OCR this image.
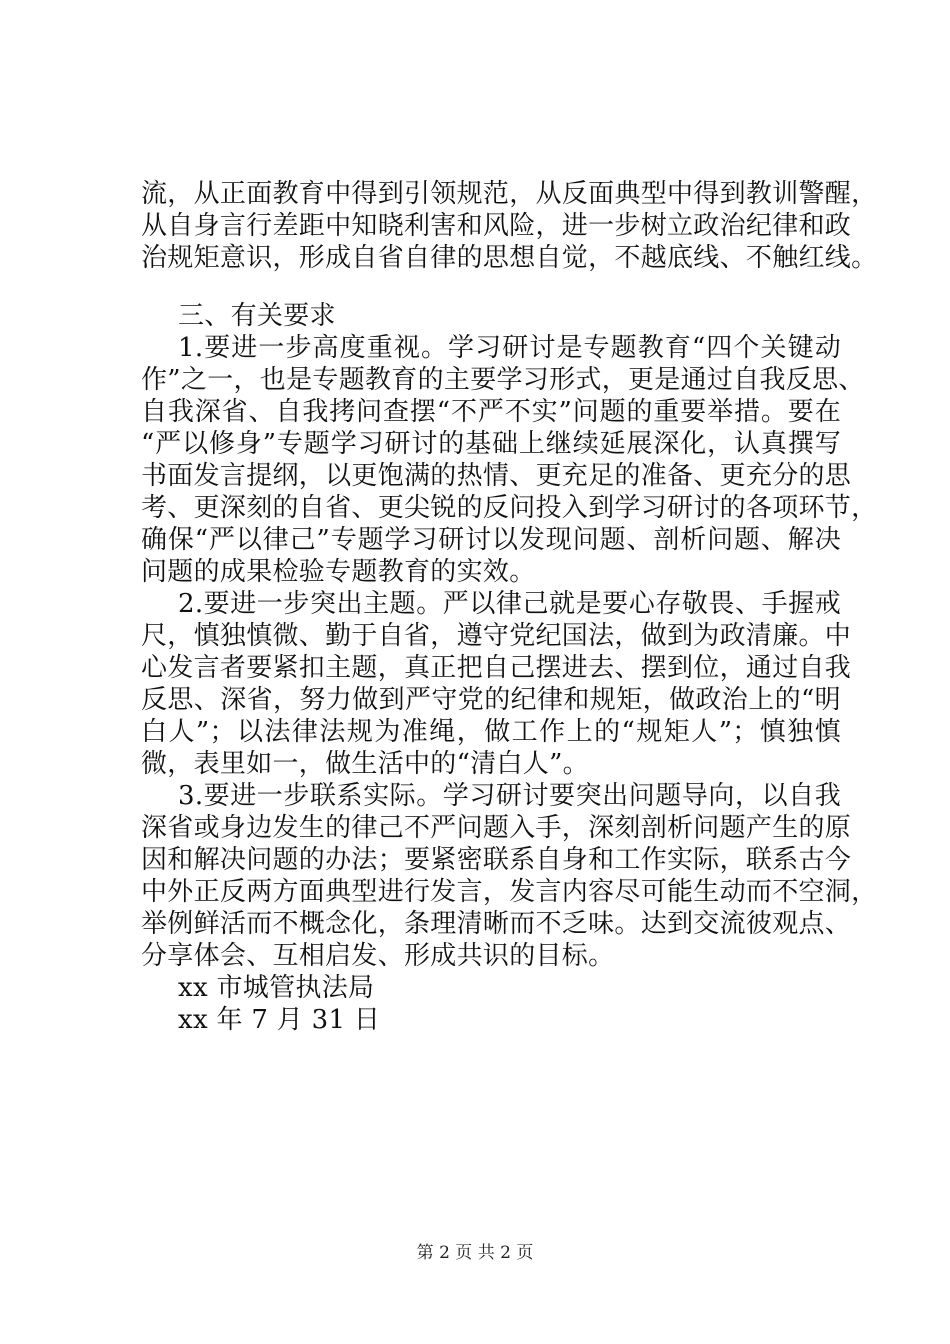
流，从正面教育中得到引领规范，从反面典型中得到教训警醒，
从自身言行差距中知晓利害和风险，进一步树立政治纪律和政
治规矩意识，形成自省自律的思想自觉，不越底线、不触红线。
三、有关要求
1.要进一步高度重视。学习研讨是专题教育“四个关键动
作”之一，也是专题教育的主要学习形式，更是通过自我反思、
自我深省、自我拷问查摆“不严不实”问题的重要举措。要在
“严以修身”专题学习研讨的基础上继续延展深化，认真撰写
书面发言提纲，以更饱满的热情、更充足的准备、更充分的思
考、更深刻的自省、更尖锐的反问投入到学习研讨的各项环节，
确保“严以律己”专题学习研讨以发现问题、剖析问题、解决
问题的成果检验专题教育的实效。
2.要进一步突出主题。严以律己就是要心存敬畏、手握戒
尺，慎独慎微、勤于自省，遵守党纪国法，做到为政清廉。中
心发言者要紧扣主题，真正把自己摆进去、摆到位，通过自我
反思、深省，努力做到严守党的纪律和规矩，做政治上的“明
白人”；以法律法规为准绳，做工作上的“规矩人”；慎独慎
微，表里如一，做生活中的“清白人”。
3.要进一步联系实际。学习研讨要突出问题导向，以自我
深省或身边发生的律己不严问题入手，深刻剖析问题产生的原
因和解决问题的办法；要紧密联系自身和工作实际，联系古今
中外正反两方面典型进行发言，发言内容尽可能生动而不空洞，
举例鲜活而不概念化，条理清晰而不乏味。达到交流彼观点、
分享体会、互相启发、形成共识的目标。
xx 市城管执法局
xx 年 7 月 31 日
第 2 页 共 2 页
